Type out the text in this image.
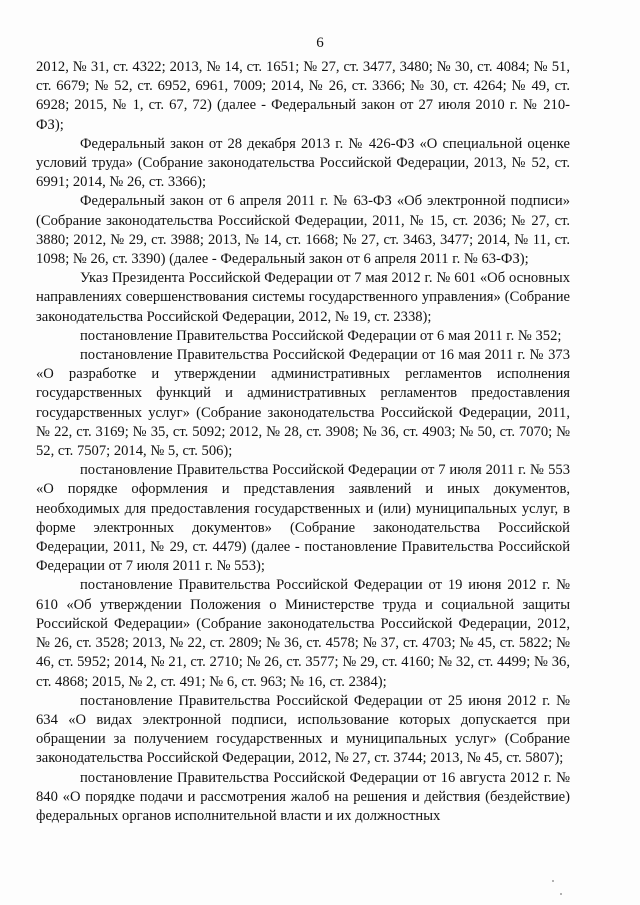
6

2012, № 31, ст. 4322; 2013, № 14, ст. 1651; № 27, ст. 3477, 3480; № 30, ст. 4084; № 51, ст. 6679; № 52, ст. 6952, 6961, 7009; 2014, № 26, ст. 3366; № 30, ст. 4264; № 49, ст. 6928; 2015, № 1, ст. 67, 72) (далее - Федеральный закон от 27 июля 2010 г. № 210-ФЗ);

Федеральный закон от 28 декабря 2013 г. № 426-ФЗ «О специальной оценке условий труда» (Собрание законодательства Российской Федерации, 2013, № 52, ст. 6991; 2014, № 26, ст. 3366);

Федеральный закон от 6 апреля 2011 г. № 63-ФЗ «Об электронной подписи» (Собрание законодательства Российской Федерации, 2011, № 15, ст. 2036; № 27, ст. 3880; 2012, № 29, ст. 3988; 2013, № 14, ст. 1668; № 27, ст. 3463, 3477; 2014, № 11, ст. 1098; № 26, ст. 3390) (далее - Федеральный закон от 6 апреля 2011 г. № 63-ФЗ);

Указ Президента Российской Федерации от 7 мая 2012 г. № 601 «Об основных направлениях совершенствования системы государственного управления» (Собрание законодательства Российской Федерации, 2012, № 19, ст. 2338);

постановление Правительства Российской Федерации от 6 мая 2011 г. № 352;

постановление Правительства Российской Федерации от 16 мая 2011 г. № 373 «О разработке и утверждении административных регламентов исполнения государственных функций и административных регламентов предоставления государственных услуг» (Собрание законодательства Российской Федерации, 2011, № 22, ст. 3169; № 35, ст. 5092; 2012, № 28, ст. 3908; № 36, ст. 4903; № 50, ст. 7070; № 52, ст. 7507; 2014, № 5, ст. 506);

постановление Правительства Российской Федерации от 7 июля 2011 г. № 553 «О порядке оформления и представления заявлений и иных документов, необходимых для предоставления государственных и (или) муниципальных услуг, в форме электронных документов» (Собрание законодательства Российской Федерации, 2011, № 29, ст. 4479) (далее - постановление Правительства Российской Федерации от 7 июля 2011 г. № 553);

постановление Правительства Российской Федерации от 19 июня 2012 г. № 610 «Об утверждении Положения о Министерстве труда и социальной защиты Российской Федерации» (Собрание законодательства Российской Федерации, 2012, № 26, ст. 3528; 2013, № 22, ст. 2809; № 36, ст. 4578; № 37, ст. 4703; № 45, ст. 5822; № 46, ст. 5952; 2014, № 21, ст. 2710; № 26, ст. 3577; № 29, ст. 4160; № 32, ст. 4499; № 36, ст. 4868; 2015, № 2, ст. 491; № 6, ст. 963; № 16, ст. 2384);

постановление Правительства Российской Федерации от 25 июня 2012 г. № 634 «О видах электронной подписи, использование которых допускается при обращении за получением государственных и муниципальных услуг» (Собрание законодательства Российской Федерации, 2012, № 27, ст. 3744; 2013, № 45, ст. 5807);

постановление Правительства Российской Федерации от 16 августа 2012 г. № 840 «О порядке подачи и рассмотрения жалоб на решения и действия (бездействие) федеральных органов исполнительной власти и их должностных
